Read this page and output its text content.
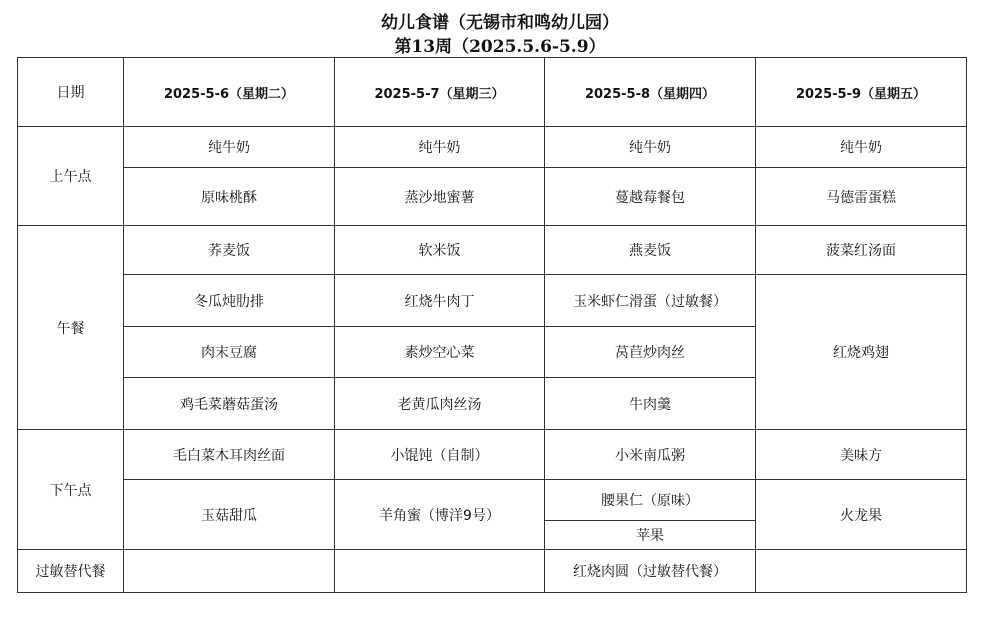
幼儿食谱（无锡市和鸣幼儿园）
第13周（2025.5.6-5.9）
日期	2025-5-6（星期二）	2025-5-7（星期三）	2025-5-8（星期四）	2025-5-9（星期五）
上午点	纯牛奶	纯牛奶	纯牛奶	纯牛奶
	原味桃酥	蒸沙地蜜薯	蔓越莓餐包	马德雷蛋糕
午餐	荞麦饭	软米饭	燕麦饭	菠菜红汤面
	冬瓜炖肋排	红烧牛肉丁	玉米虾仁滑蛋（过敏餐）	红烧鸡翅
	肉末豆腐	素炒空心菜	莴苣炒肉丝	
	鸡毛菜蘑菇蛋汤	老黄瓜肉丝汤	牛肉羹	
下午点	毛白菜木耳肉丝面	小馄饨（自制）	小米南瓜粥	美味方
	玉菇甜瓜	羊角蜜（博洋9号）	腰果仁（原味）	火龙果
			苹果	
过敏替代餐			红烧肉圆（过敏替代餐）	
